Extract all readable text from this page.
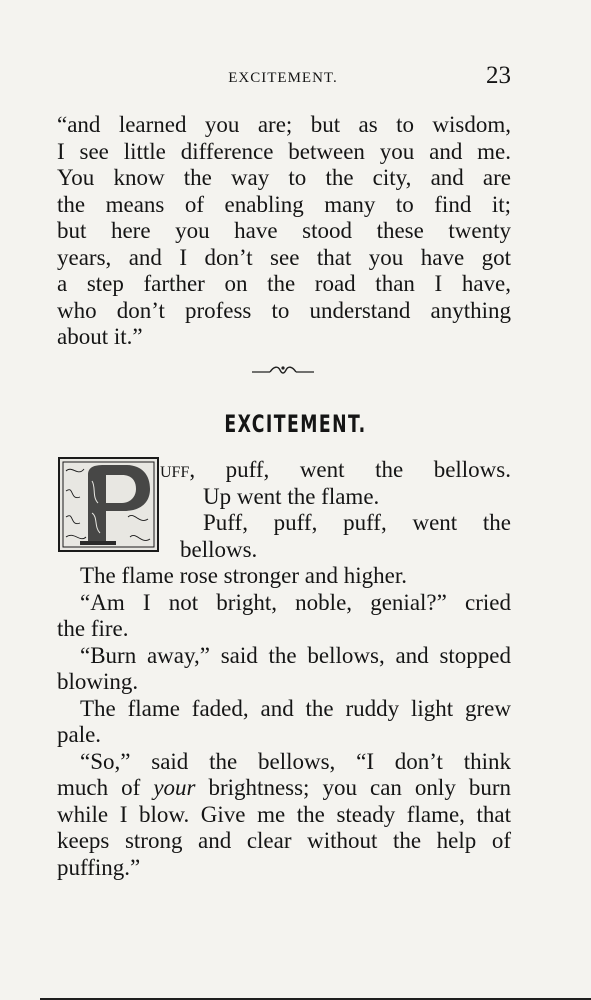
EXCITEMENT.	23
“and learned you are; but as to wisdom,
I see little difference between you and me.
You know the way to the city, and are
the means of enabling many to find it;
but here you have stood these twenty
years, and I don’t see that you have got
a step farther on the road than I have,
who don’t profess to understand anything
about it.”
EXCITEMENT.
uff, puff, went the bellows.
Up went the flame.
Puff, puff, puff, went the
bellows.
The flame rose stronger and higher.
“Am I not bright, noble, genial?” cried
the fire.
“Burn away,” said the bellows, and stopped
blowing.
The flame faded, and the ruddy light grew
pale.
“So,” said the bellows, “I don’t think
much of your brightness; you can only burn
while I blow. Give me the steady flame, that
keeps strong and clear without the help of
puffing.”
